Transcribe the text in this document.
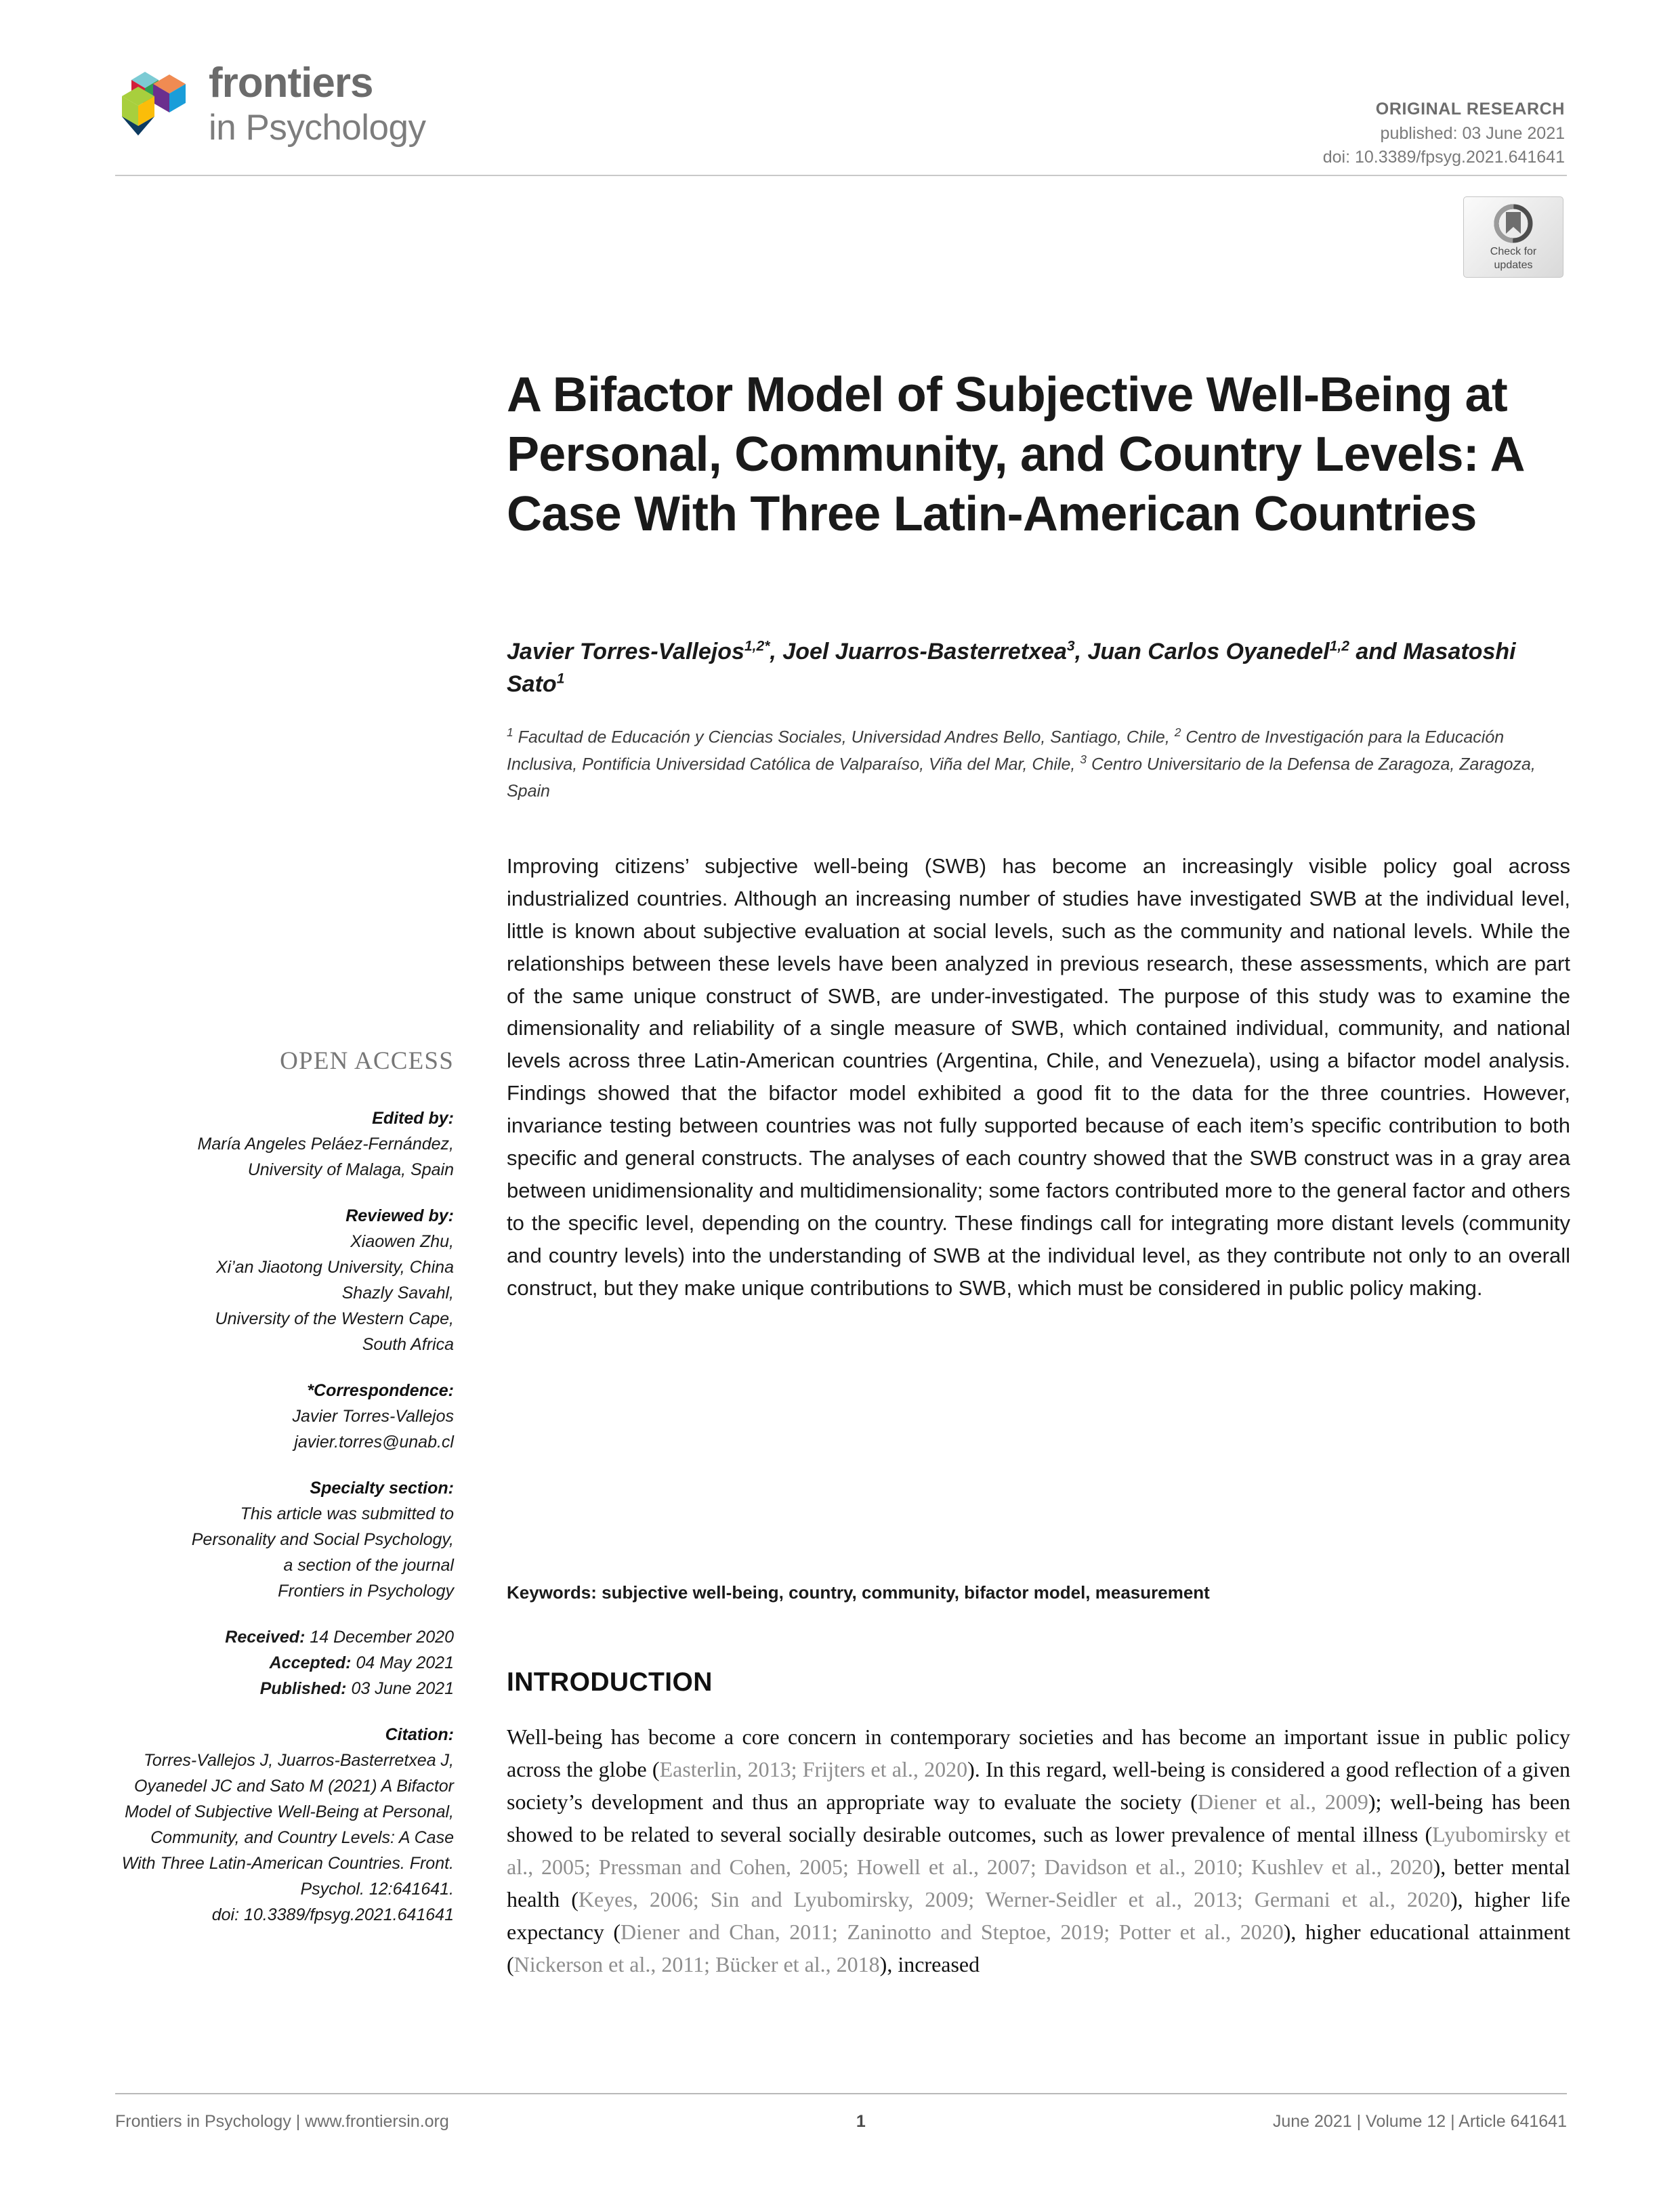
frontiers
in Psychology	ORIGINAL RESEARCH
published: 03 June 2021
doi: 10.3389/fpsyg.2021.641641
Check for
updates
A Bifactor Model of Subjective Well-Being at Personal, Community, and Country Levels: A Case With Three Latin-American Countries
Javier Torres-Vallejos$^{1,2*}$, Joel Juarros-Basterretxea$^3$, Juan Carlos Oyanedel$^{1,2}$ and Masatoshi Sato$^1$
$^1$ Facultad de Educación y Ciencias Sociales, Universidad Andres Bello, Santiago, Chile, $^2$ Centro de Investigación para la Educación Inclusiva, Pontificia Universidad Católica de Valparaíso, Viña del Mar, Chile, $^3$ Centro Universitario de la Defensa de Zaragoza, Zaragoza, Spain
Improving citizens’ subjective well-being (SWB) has become an increasingly visible policy goal across industrialized countries. Although an increasing number of studies have investigated SWB at the individual level, little is known about subjective evaluation at social levels, such as the community and national levels. While the relationships between these levels have been analyzed in previous research, these assessments, which are part of the same unique construct of SWB, are under-investigated. The purpose of this study was to examine the dimensionality and reliability of a single measure of SWB, which contained individual, community, and national levels across three Latin-American countries (Argentina, Chile, and Venezuela), using a bifactor model analysis. Findings showed that the bifactor model exhibited a good fit to the data for the three countries. However, invariance testing between countries was not fully supported because of each item’s specific contribution to both specific and general constructs. The analyses of each country showed that the SWB construct was in a gray area between unidimensionality and multidimensionality; some factors contributed more to the general factor and others to the specific level, depending on the country. These findings call for integrating more distant levels (community and country levels) into the understanding of SWB at the individual level, as they contribute not only to an overall construct, but they make unique contributions to SWB, which must be considered in public policy making.
Keywords: subjective well-being, country, community, bifactor model, measurement
INTRODUCTION
Well-being has become a core concern in contemporary societies and has become an important issue in public policy across the globe (Easterlin, 2013; Frijters et al., 2020). In this regard, well-being is considered a good reflection of a given society’s development and thus an appropriate way to evaluate the society (Diener et al., 2009); well-being has been showed to be related to several socially desirable outcomes, such as lower prevalence of mental illness (Lyubomirsky et al., 2005; Pressman and Cohen, 2005; Howell et al., 2007; Davidson et al., 2010; Kushlev et al., 2020), better mental health (Keyes, 2006; Sin and Lyubomirsky, 2009; Werner-Seidler et al., 2013; Germani et al., 2020), higher life expectancy (Diener and Chan, 2011; Zaninotto and Steptoe, 2019; Potter et al., 2020), higher educational attainment (Nickerson et al., 2011; Bücker et al., 2018), increased
OPEN ACCESS
Edited by:
María Angeles Peláez-Fernández,
University of Malaga, Spain
Reviewed by:
Xiaowen Zhu,
Xi’an Jiaotong University, China
Shazly Savahl,
University of the Western Cape,
South Africa
*Correspondence:
Javier Torres-Vallejos
javier.torres@unab.cl
Specialty section:
This article was submitted to
Personality and Social Psychology,
a section of the journal
Frontiers in Psychology
Received: 14 December 2020
Accepted: 04 May 2021
Published: 03 June 2021
Citation:
Torres-Vallejos J, Juarros-Basterretxea J, Oyanedel JC and Sato M (2021) A Bifactor Model of Subjective Well-Being at Personal, Community, and Country Levels: A Case With Three Latin-American Countries. Front. Psychol. 12:641641.
doi: 10.3389/fpsyg.2021.641641
Frontiers in Psychology | www.frontiersin.org	1	June 2021 | Volume 12 | Article 641641
